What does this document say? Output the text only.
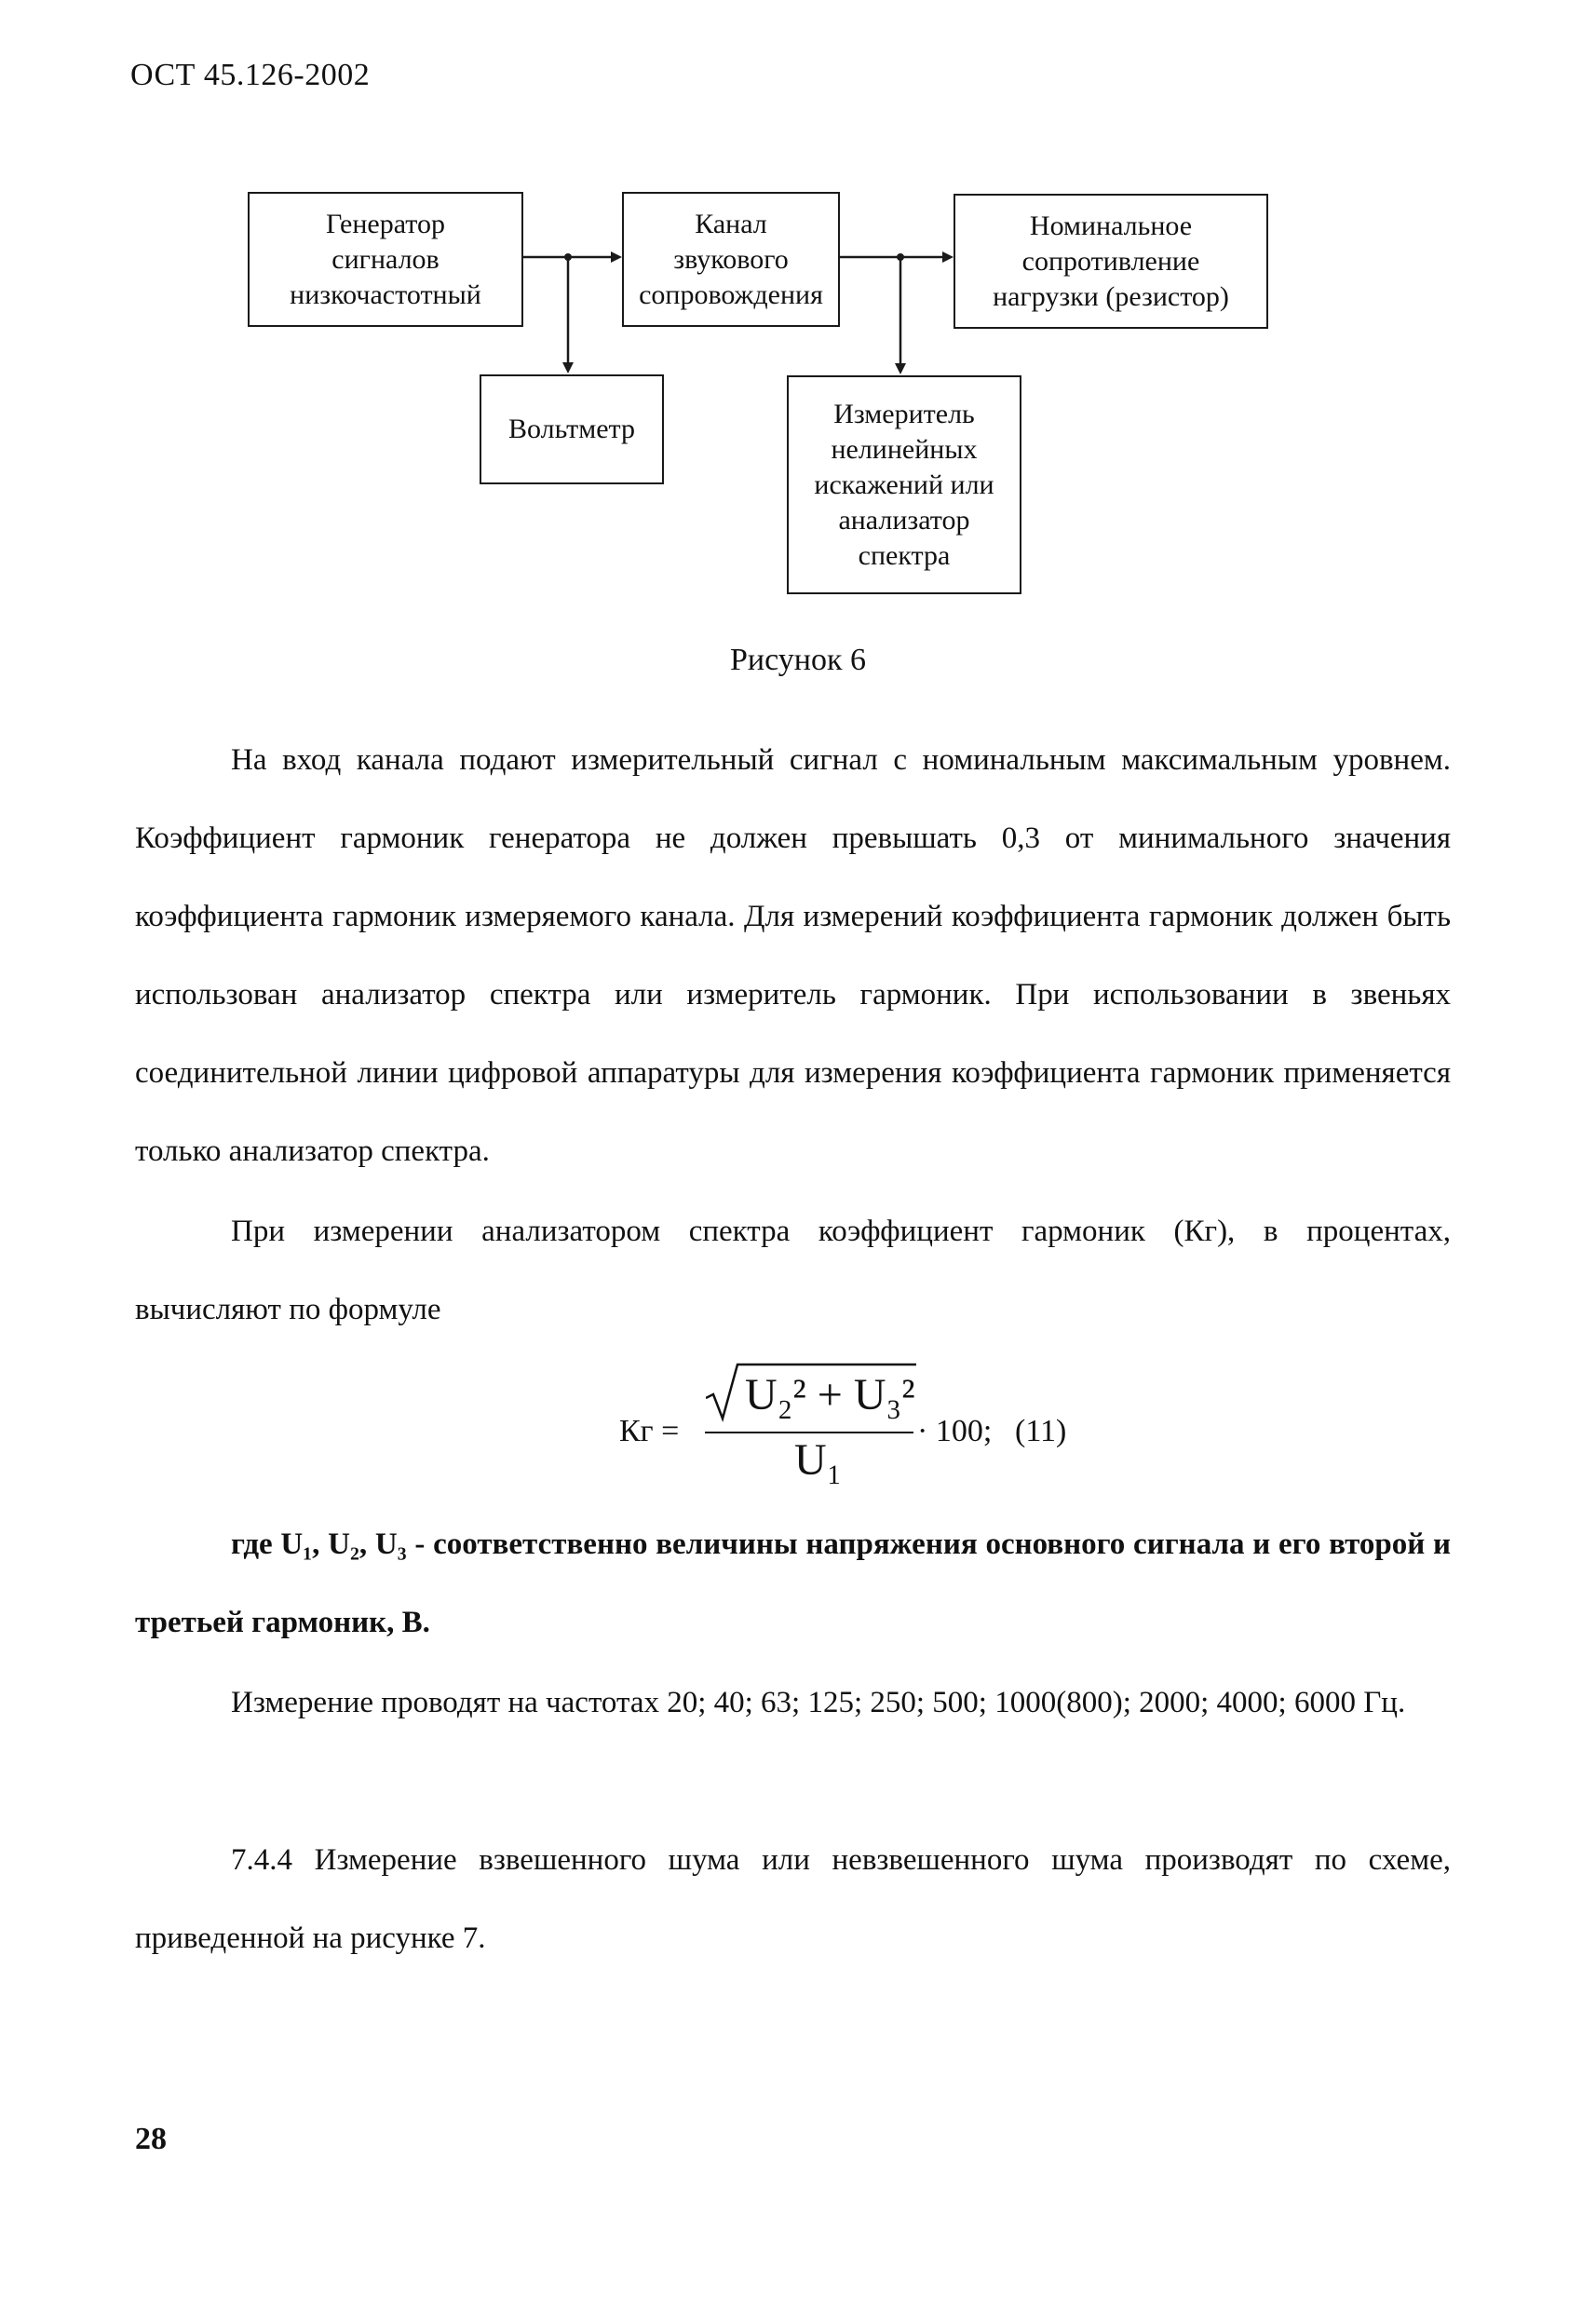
ОСТ 45.126-2002
Генератор
сигналов
низкочастотный
Канал
звукового
сопровождения
Номинальное
сопротивление
нагрузки (резистор)
Вольтметр	Измеритель
нелинейных
искажений или
анализатор
спектра
Рисунок 6
На вход канала подают измерительный сигнал с номинальным максимальным уровнем. Коэффициент гармоник генератора не должен превышать 0,3 от минимального значения коэффициента гармоник измеряемого канала. Для измерений коэффициента гармоник должен быть использован анализатор спектра или измеритель гармоник. При использовании в звеньях соединительной линии цифровой аппаратуры для измерения коэффициента гармоник применяется только анализатор спектра.
При измерении анализатором спектра коэффициент гармоник (Кг), в процентах,
вычисляют по формуле
Кг =
U₂² + U₃²
U₁
· 100; (11)
где U₁, U₂, U₃ - соответственно величины напряжения основного сигнала и его второй и третьей гармоник, В.
Измерение проводят на частотах 20; 40; 63; 125; 250; 500; 1000(800); 2000; 4000; 6000 Гц.
7.4.4 Измерение взвешенного шума или невзвешенного шума производят по схеме, приведенной на рисунке 7.
28
